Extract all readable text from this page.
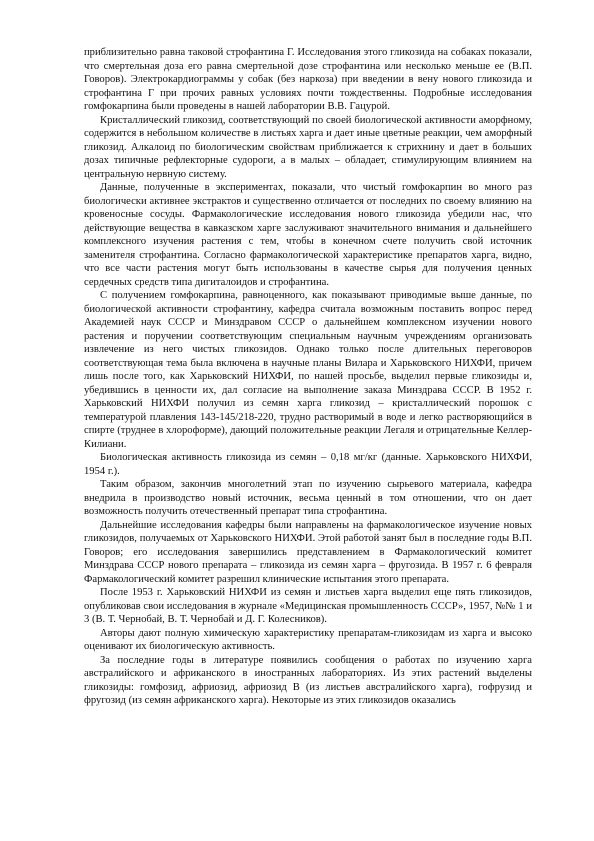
приблизительно равна таковой строфантина Г. Исследования этого гликозида на собаках показали, что смертельная доза его равна смертельной дозе строфантина или несколько меньше ее (В.П. Говоров). Электрокардиограммы у собак (без наркоза) при введении в вену нового гликозида и строфантина Г при прочих равных условиях почти тождественны. Подробные исследования гомфокарпина были проведены в нашей лаборатории В.В. Гацурой.

Кристаллический гликозид, соответствующий по своей биологической активности аморфному, содержится в небольшом количестве в листьях харга и дает иные цветные реакции, чем аморфный гликозид. Алкалоид по биологическим свойствам приближается к стрихнину и дает в больших дозах типичные рефлекторные судороги, а в малых – обладает, стимулирующим влиянием на центральную нервную систему.

Данные, полученные в экспериментах, показали, что чистый гомфокарпин во много раз биологически активнее экстрактов и существенно отличается от последних по своему влиянию на кровеносные сосуды. Фармакологические исследования нового гликозида убедили нас, что действующие вещества в кавказском харге заслуживают значительного внимания и дальнейшего комплексного изучения растения с тем, чтобы в конечном счете получить свой источник заменителя строфантина. Согласно фармакологической характеристике препаратов харга, видно, что все части растения могут быть использованы в качестве сырья для получения ценных сердечных средств типа дигиталоидов и строфантина.

С получением гомфокарпина, равноценного, как показывают приводимые выше данные, по биологической активности строфантину, кафедра считала возможным поставить вопрос перед Академией наук СССР и Минздравом СССР о дальнейшем комплексном изучении нового растения и поручении соответствующим специальным научным учреждениям организовать извлечение из него чистых гликозидов. Однако только после длительных переговоров соответствующая тема была включена в научные планы Вилара и Харьковского НИХФИ, причем лишь после того, как Харьковский НИХФИ, по нашей просьбе, выделил первые гликозиды и, убедившись в ценности их, дал согласие на выполнение заказа Минздрава СССР. В 1952 г. Харьковский НИХФИ получил из семян харга гликозид – кристаллический порошок с температурой плавления 143-145/218-220, трудно растворимый в воде и легко растворяющийся в спирте (труднее в хлороформе), дающий положительные реакции Легаля и отрицательные Келлер-Килиани.

Биологическая активность гликозида из семян – 0,18 мг/кг (данные. Харьковского НИХФИ, 1954 г.).

Таким образом, закончив многолетний этап по изучению сырьевого материала, кафедра внедрила в производство новый источник, весьма ценный в том отношении, что он дает возможность получить отечественный препарат типа строфантина.

Дальнейшие исследования кафедры были направлены на фармакологическое изучение новых гликозидов, получаемых от Харьковского НИХФИ. Этой работой занят был в последние годы В.П. Говоров; его исследования завершились представлением в Фармакологический комитет Минздрава СССР нового препарата – гликозида из семян харга – фругозида. В 1957 г. 6 февраля Фармакологический комитет разрешил клинические испытания этого препарата.

После 1953 г. Харьковский НИХФИ из семян и листьев харга выделил еще пять гликозидов, опубликовав свои исследования в журнале «Медицинская промышленность СССР», 1957, №№ 1 и 3 (В. Т. Чернобай, В. Т. Чернобай и Д. Г. Колесников).

Авторы дают полную химическую характеристику препаратам-гликозидам из харга и высоко оценивают их биологическую активность.

За последние годы в литературе появились сообщения о работах по изучению харга австралийского и африканского в иностранных лабораториях. Из этих растений выделены гликозиды: гомфозид, африозид, африозид В (из листьев австралийского харга), гофрузид и фругозид (из семян африканского харга). Некоторые из этих гликозидов оказались
